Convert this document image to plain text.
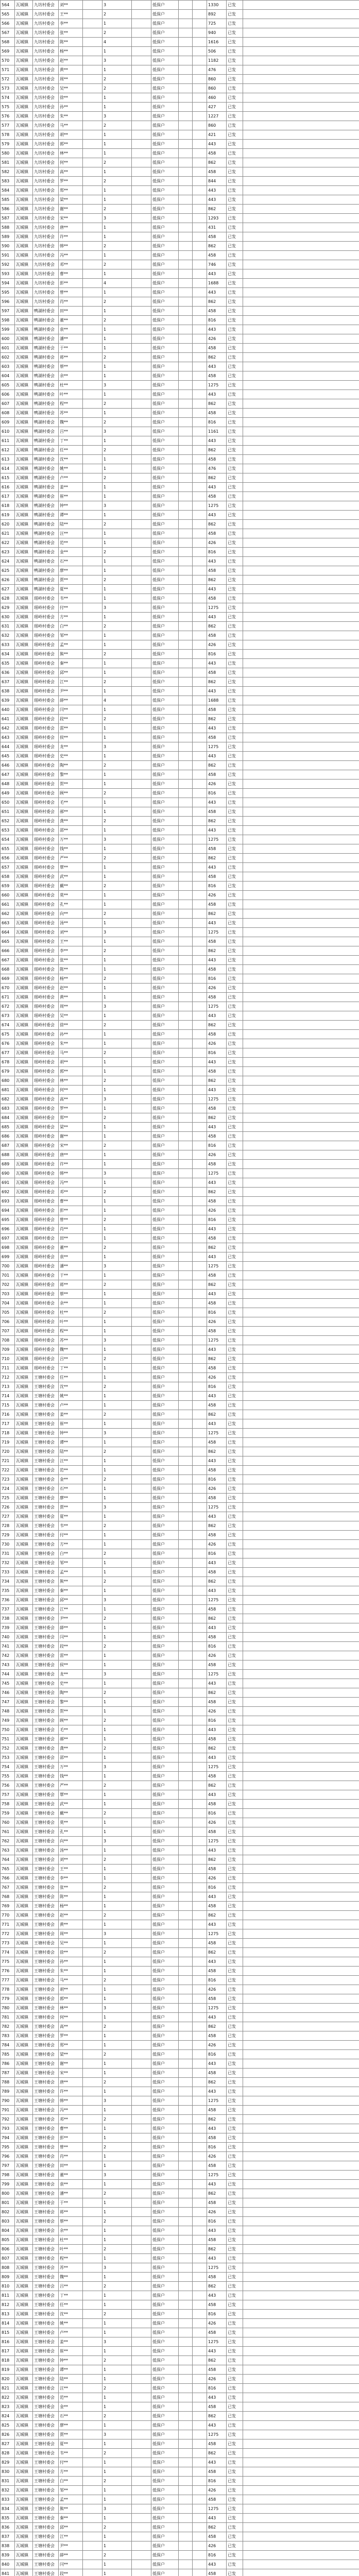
564	瓦城镇	九坊村委会	刘**		3		低保户			1330	已发	
565	瓦城镇	九坊村委会	王**		2		低保户			892	已发	
566	瓦城镇	九坊村委会	李**		1		低保户			725	已发	
567	瓦城镇	九坊村委会	张**		2		低保户			940	已发	
568	瓦城镇	九坊村委会	陈**		4		低保户			1616	已发	
569	瓦城镇	九坊村委会	杨**		1		低保户			506	已发	
570	瓦城镇	九坊村委会	赵**		3		低保户			1182	已发	
571	瓦城镇	九坊村委会	黄**		1		低保户			476	已发	
572	瓦城镇	九坊村委会	周**		2		低保户			860	已发	
573	瓦城镇	九坊村委会	吴**		2		低保户			860	已发	
574	瓦城镇	九坊村委会	徐**		1		低保户			460	已发	
575	瓦城镇	九坊村委会	孙**		1		低保户			427	已发	
576	瓦城镇	九坊村委会	朱**		3		低保户			1227	已发	
577	瓦城镇	九坊村委会	马**		2		低保户			860	已发	
578	瓦城镇	九坊村委会	胡**		1		低保户			421	已发	
579	瓦城镇	九坊村委会	郭**		1		低保户			443	已发	
580	瓦城镇	九坊村委会	林**		1		低保户			458	已发	
581	瓦城镇	九坊村委会	何**		2		低保户			862	已发	
582	瓦城镇	九坊村委会	高**		1		低保户			458	已发	
583	瓦城镇	九坊村委会	罗**		2		低保户			844	已发	
584	瓦城镇	九坊村委会	郑**		1		低保户			443	已发	
585	瓦城镇	九坊村委会	梁**		1		低保户			443	已发	
586	瓦城镇	九坊村委会	谢**		2		低保户			862	已发	
587	瓦城镇	九坊村委会	宋**		3		低保户			1293	已发	
588	瓦城镇	九坊村委会	唐**		1		低保户			431	已发	
589	瓦城镇	九坊村委会	许**		1		低保户			458	已发	
590	瓦城镇	九坊村委会	韩**		2		低保户			862	已发	
591	瓦城镇	九坊村委会	冯**		1		低保户			458	已发	
592	瓦城镇	九坊村委会	邓**		2		低保户			746	已发	
593	瓦城镇	九坊村委会	曹**		1		低保户			443	已发	
594	瓦城镇	九坊村委会	彭**		4		低保户			1688	已发	
595	瓦城镇	九坊村委会	曾**		1		低保户			443	已发	
596	瓦城镇	九坊村委会	肖**		2		低保户			862	已发	
597	瓦城镇	鸭湖村委会	田**		1		低保户			458	已发	
598	瓦城镇	鸭湖村委会	董**		2		低保户			816	已发	
599	瓦城镇	鸭湖村委会	袁**		1		低保户			443	已发	
600	瓦城镇	鸭湖村委会	潘**		1		低保户			426	已发	
601	瓦城镇	鸭湖村委会	于**		1		低保户			458	已发	
602	瓦城镇	鸭湖村委会	蒋**		2		低保户			862	已发	
603	瓦城镇	鸭湖村委会	蔡**		1		低保户			443	已发	
604	瓦城镇	鸭湖村委会	余**		1		低保户			458	已发	
605	瓦城镇	鸭湖村委会	杜**		3		低保户			1275	已发	
606	瓦城镇	鸭湖村委会	叶**		1		低保户			443	已发	
607	瓦城镇	鸭湖村委会	程**		2		低保户			862	已发	
608	瓦城镇	鸭湖村委会	苏**		1		低保户			458	已发	
609	瓦城镇	鸭湖村委会	魏**		2		低保户			816	已发	
610	瓦城镇	鸭湖村委会	吕**		3		低保户			1161	已发	
611	瓦城镇	鸭湖村委会	丁**		1		低保户			443	已发	
612	瓦城镇	鸭湖村委会	任**		2		低保户			862	已发	
613	瓦城镇	鸭湖村委会	沈**		1		低保户			458	已发	
614	瓦城镇	鸭湖村委会	姚**		1		低保户			476	已发	
615	瓦城镇	鸭湖村委会	卢**		2		低保户			862	已发	
616	瓦城镇	鸭湖村委会	姜**		1		低保户			443	已发	
617	瓦城镇	鸭湖村委会	崔**		1		低保户			458	已发	
618	瓦城镇	鸭湖村委会	钟**		3		低保户			1275	已发	
619	瓦城镇	鸭湖村委会	谭**		1		低保户			443	已发	
620	瓦城镇	鸭湖村委会	陆**		2		低保户			862	已发	
621	瓦城镇	鸭湖村委会	汪**		1		低保户			458	已发	
622	瓦城镇	鸭湖村委会	范**		1		低保户			426	已发	
623	瓦城镇	鸭湖村委会	金**		2		低保户			816	已发	
624	瓦城镇	鸭湖村委会	石**		1		低保户			443	已发	
625	瓦城镇	鸭湖村委会	廖**		1		低保户			458	已发	
626	瓦城镇	鸭湖村委会	贾**		2		低保户			862	已发	
627	瓦城镇	鸭湖村委会	夏**		1		低保户			443	已发	
628	瓦城镇	瑶岭村委会	韦**		1		低保户			458	已发	
629	瓦城镇	瑶岭村委会	付**		3		低保户			1275	已发	
630	瓦城镇	瑶岭村委会	方**		1		低保户			443	已发	
631	瓦城镇	瑶岭村委会	白**		2		低保户			862	已发	
632	瓦城镇	瑶岭村委会	邹**		1		低保户			458	已发	
633	瓦城镇	瑶岭村委会	孟**		1		低保户			426	已发	
634	瓦城镇	瑶岭村委会	熊**		2		低保户			816	已发	
635	瓦城镇	瑶岭村委会	秦**		1		低保户			443	已发	
636	瓦城镇	瑶岭村委会	邱**		1		低保户			458	已发	
637	瓦城镇	瑶岭村委会	江**		2		低保户			862	已发	
638	瓦城镇	瑶岭村委会	尹**		1		低保户			443	已发	
639	瓦城镇	瑶岭村委会	薛**		4		低保户			1688	已发	
640	瓦城镇	瑶岭村委会	闫**		1		低保户			458	已发	
641	瓦城镇	瑶岭村委会	段**		2		低保户			862	已发	
642	瓦城镇	瑶岭村委会	雷**		1		低保户			443	已发	
643	瓦城镇	瑶岭村委会	侯**		1		低保户			458	已发	
644	瓦城镇	瑶岭村委会	龙**		3		低保户			1275	已发	
645	瓦城镇	瑶岭村委会	史**		1		低保户			443	已发	
646	瓦城镇	瑶岭村委会	陶**		2		低保户			862	已发	
647	瓦城镇	瑶岭村委会	黎**		1		低保户			458	已发	
648	瓦城镇	瑶岭村委会	贺**		1		低保户			426	已发	
649	瓦城镇	瑶岭村委会	顾**		2		低保户			816	已发	
650	瓦城镇	瑶岭村委会	毛**		1		低保户			443	已发	
651	瓦城镇	瑶岭村委会	郝**		1		低保户			458	已发	
652	瓦城镇	瑶岭村委会	龚**		2		低保户			862	已发	
653	瓦城镇	瑶岭村委会	邵**		1		低保户			443	已发	
654	瓦城镇	瑶岭村委会	万**		3		低保户			1275	已发	
655	瓦城镇	瑶岭村委会	钱**		1		低保户			458	已发	
656	瓦城镇	瑶岭村委会	严**		2		低保户			862	已发	
657	瓦城镇	瑶岭村委会	覃**		1		低保户			443	已发	
658	瓦城镇	瑶岭村委会	武**		1		低保户			458	已发	
659	瓦城镇	瑶岭村委会	戴**		2		低保户			816	已发	
660	瓦城镇	瑶岭村委会	莫**		1		低保户			426	已发	
661	瓦城镇	瑶岭村委会	孔**		1		低保户			458	已发	
662	瓦城镇	瑶岭村委会	向**		2		低保户			862	已发	
663	瓦城镇	瑶岭村委会	汤**		1		低保户			443	已发	
664	瓦城镇	瑶岭村委会	刘**		3		低保户			1275	已发	
665	瓦城镇	瑶岭村委会	王**		1		低保户			458	已发	
666	瓦城镇	瑶岭村委会	李**		2		低保户			862	已发	
667	瓦城镇	瑶岭村委会	张**		1		低保户			443	已发	
668	瓦城镇	瑶岭村委会	陈**		1		低保户			458	已发	
669	瓦城镇	瑶岭村委会	杨**		2		低保户			816	已发	
670	瓦城镇	瑶岭村委会	赵**		1		低保户			426	已发	
671	瓦城镇	瑶岭村委会	黄**		1		低保户			458	已发	
672	瓦城镇	瑶岭村委会	周**		3		低保户			1275	已发	
673	瓦城镇	瑶岭村委会	吴**		1		低保户			443	已发	
674	瓦城镇	瑶岭村委会	徐**		2		低保户			862	已发	
675	瓦城镇	瑶岭村委会	孙**		1		低保户			458	已发	
676	瓦城镇	瑶岭村委会	朱**		1		低保户			426	已发	
677	瓦城镇	瑶岭村委会	马**		2		低保户			816	已发	
678	瓦城镇	瑶岭村委会	胡**		1		低保户			443	已发	
679	瓦城镇	瑶岭村委会	郭**		1		低保户			458	已发	
680	瓦城镇	瑶岭村委会	林**		2		低保户			862	已发	
681	瓦城镇	瑶岭村委会	何**		1		低保户			443	已发	
682	瓦城镇	瑶岭村委会	高**		3		低保户			1275	已发	
683	瓦城镇	瑶岭村委会	罗**		1		低保户			458	已发	
684	瓦城镇	瑶岭村委会	郑**		2		低保户			862	已发	
685	瓦城镇	瑶岭村委会	梁**		1		低保户			443	已发	
686	瓦城镇	瑶岭村委会	谢**		1		低保户			458	已发	
687	瓦城镇	瑶岭村委会	宋**		2		低保户			816	已发	
688	瓦城镇	瑶岭村委会	唐**		1		低保户			426	已发	
689	瓦城镇	瑶岭村委会	许**		1		低保户			458	已发	
690	瓦城镇	瑶岭村委会	韩**		3		低保户			1275	已发	
691	瓦城镇	瑶岭村委会	冯**		1		低保户			443	已发	
692	瓦城镇	瑶岭村委会	邓**		2		低保户			862	已发	
693	瓦城镇	瑶岭村委会	曹**		1		低保户			458	已发	
694	瓦城镇	瑶岭村委会	彭**		1		低保户			426	已发	
695	瓦城镇	瑶岭村委会	曾**		2		低保户			816	已发	
696	瓦城镇	瑶岭村委会	肖**		1		低保户			443	已发	
697	瓦城镇	瑶岭村委会	田**		1		低保户			458	已发	
698	瓦城镇	瑶岭村委会	董**		2		低保户			862	已发	
699	瓦城镇	瑶岭村委会	袁**		1		低保户			443	已发	
700	瓦城镇	瑶岭村委会	潘**		3		低保户			1275	已发	
701	瓦城镇	瑶岭村委会	于**		1		低保户			458	已发	
702	瓦城镇	瑶岭村委会	蒋**		2		低保户			862	已发	
703	瓦城镇	瑶岭村委会	蔡**		1		低保户			443	已发	
704	瓦城镇	瑶岭村委会	余**		1		低保户			458	已发	
705	瓦城镇	瑶岭村委会	杜**		2		低保户			816	已发	
706	瓦城镇	瑶岭村委会	叶**		1		低保户			426	已发	
707	瓦城镇	瑶岭村委会	程**		1		低保户			458	已发	
708	瓦城镇	瑶岭村委会	苏**		3		低保户			1275	已发	
709	瓦城镇	瑶岭村委会	魏**		1		低保户			443	已发	
710	瓦城镇	瑶岭村委会	吕**		2		低保户			862	已发	
711	瓦城镇	瑶岭村委会	丁**		1		低保户			458	已发	
712	瓦城镇	王塘村委会	任**		1		低保户			426	已发	
713	瓦城镇	王塘村委会	沈**		2		低保户			816	已发	
714	瓦城镇	王塘村委会	姚**		1		低保户			443	已发	
715	瓦城镇	王塘村委会	卢**		1		低保户			458	已发	
716	瓦城镇	王塘村委会	姜**		2		低保户			862	已发	
717	瓦城镇	王塘村委会	崔**		1		低保户			443	已发	
718	瓦城镇	王塘村委会	钟**		3		低保户			1275	已发	
719	瓦城镇	王塘村委会	谭**		1		低保户			458	已发	
720	瓦城镇	王塘村委会	陆**		2		低保户			862	已发	
721	瓦城镇	王塘村委会	汪**		1		低保户			443	已发	
722	瓦城镇	王塘村委会	范**		1		低保户			458	已发	
723	瓦城镇	王塘村委会	金**		2		低保户			816	已发	
724	瓦城镇	王塘村委会	石**		1		低保户			426	已发	
725	瓦城镇	王塘村委会	廖**		1		低保户			458	已发	
726	瓦城镇	王塘村委会	贾**		3		低保户			1275	已发	
727	瓦城镇	王塘村委会	夏**		1		低保户			443	已发	
728	瓦城镇	王塘村委会	韦**		2		低保户			862	已发	
729	瓦城镇	王塘村委会	付**		1		低保户			458	已发	
730	瓦城镇	王塘村委会	方**		1		低保户			426	已发	
731	瓦城镇	王塘村委会	白**		2		低保户			816	已发	
732	瓦城镇	王塘村委会	邹**		1		低保户			443	已发	
733	瓦城镇	王塘村委会	孟**		1		低保户			458	已发	
734	瓦城镇	王塘村委会	熊**		2		低保户			862	已发	
735	瓦城镇	王塘村委会	秦**		1		低保户			443	已发	
736	瓦城镇	王塘村委会	邱**		3		低保户			1275	已发	
737	瓦城镇	王塘村委会	江**		1		低保户			458	已发	
738	瓦城镇	王塘村委会	尹**		2		低保户			862	已发	
739	瓦城镇	王塘村委会	薛**		1		低保户			443	已发	
740	瓦城镇	王塘村委会	闫**		1		低保户			458	已发	
741	瓦城镇	王塘村委会	段**		2		低保户			816	已发	
742	瓦城镇	王塘村委会	雷**		1		低保户			426	已发	
743	瓦城镇	王塘村委会	侯**		1		低保户			458	已发	
744	瓦城镇	王塘村委会	龙**		3		低保户			1275	已发	
745	瓦城镇	王塘村委会	史**		1		低保户			443	已发	
746	瓦城镇	王塘村委会	陶**		2		低保户			862	已发	
747	瓦城镇	王塘村委会	黎**		1		低保户			458	已发	
748	瓦城镇	王塘村委会	贺**		1		低保户			426	已发	
749	瓦城镇	王塘村委会	顾**		2		低保户			816	已发	
750	瓦城镇	王塘村委会	毛**		1		低保户			443	已发	
751	瓦城镇	王塘村委会	郝**		1		低保户			458	已发	
752	瓦城镇	王塘村委会	龚**		2		低保户			862	已发	
753	瓦城镇	王塘村委会	邵**		1		低保户			443	已发	
754	瓦城镇	王塘村委会	万**		3		低保户			1275	已发	
755	瓦城镇	王塘村委会	钱**		1		低保户			458	已发	
756	瓦城镇	王塘村委会	严**		2		低保户			862	已发	
757	瓦城镇	王塘村委会	覃**		1		低保户			443	已发	
758	瓦城镇	王塘村委会	武**		1		低保户			458	已发	
759	瓦城镇	王塘村委会	戴**		2		低保户			816	已发	
760	瓦城镇	王塘村委会	莫**		1		低保户			426	已发	
761	瓦城镇	王塘村委会	孔**		1		低保户			458	已发	
762	瓦城镇	王塘村委会	向**		3		低保户			1275	已发	
763	瓦城镇	王塘村委会	汤**		1		低保户			443	已发	
764	瓦城镇	王塘村委会	刘**		2		低保户			862	已发	
765	瓦城镇	王塘村委会	王**		1		低保户			458	已发	
766	瓦城镇	王塘村委会	李**		1		低保户			426	已发	
767	瓦城镇	王塘村委会	张**		2		低保户			816	已发	
768	瓦城镇	王塘村委会	陈**		1		低保户			443	已发	
769	瓦城镇	王塘村委会	杨**		1		低保户			458	已发	
770	瓦城镇	王塘村委会	赵**		2		低保户			862	已发	
771	瓦城镇	王塘村委会	黄**		1		低保户			443	已发	
772	瓦城镇	王塘村委会	周**		3		低保户			1275	已发	
773	瓦城镇	王塘村委会	吴**		1		低保户			458	已发	
774	瓦城镇	王塘村委会	徐**		2		低保户			862	已发	
775	瓦城镇	王塘村委会	孙**		1		低保户			443	已发	
776	瓦城镇	王塘村委会	朱**		1		低保户			458	已发	
777	瓦城镇	王塘村委会	马**		2		低保户			816	已发	
778	瓦城镇	王塘村委会	胡**		1		低保户			426	已发	
779	瓦城镇	王塘村委会	郭**		1		低保户			458	已发	
780	瓦城镇	王塘村委会	林**		3		低保户			1275	已发	
781	瓦城镇	王塘村委会	何**		1		低保户			443	已发	
782	瓦城镇	王塘村委会	高**		2		低保户			862	已发	
783	瓦城镇	王塘村委会	罗**		1		低保户			458	已发	
784	瓦城镇	王塘村委会	郑**		1		低保户			426	已发	
785	瓦城镇	王塘村委会	梁**		2		低保户			816	已发	
786	瓦城镇	王塘村委会	谢**		1		低保户			443	已发	
787	瓦城镇	王塘村委会	宋**		1		低保户			458	已发	
788	瓦城镇	王塘村委会	唐**		2		低保户			862	已发	
789	瓦城镇	王塘村委会	许**		1		低保户			443	已发	
790	瓦城镇	王塘村委会	韩**		3		低保户			1275	已发	
791	瓦城镇	王塘村委会	冯**		1		低保户			458	已发	
792	瓦城镇	王塘村委会	邓**		2		低保户			862	已发	
793	瓦城镇	王塘村委会	曹**		1		低保户			443	已发	
794	瓦城镇	王塘村委会	彭**		1		低保户			458	已发	
795	瓦城镇	王塘村委会	曾**		2		低保户			816	已发	
796	瓦城镇	王塘村委会	肖**		1		低保户			426	已发	
797	瓦城镇	王塘村委会	田**		1		低保户			458	已发	
798	瓦城镇	王塘村委会	董**		3		低保户			1275	已发	
799	瓦城镇	王塘村委会	袁**		1		低保户			443	已发	
800	瓦城镇	王塘村委会	潘**		2		低保户			862	已发	
801	瓦城镇	王塘村委会	于**		1		低保户			458	已发	
802	瓦城镇	王塘村委会	蒋**		1		低保户			426	已发	
803	瓦城镇	王塘村委会	蔡**		2		低保户			816	已发	
804	瓦城镇	王塘村委会	余**		1		低保户			443	已发	
805	瓦城镇	王塘村委会	杜**		1		低保户			458	已发	
806	瓦城镇	王塘村委会	叶**		2		低保户			862	已发	
807	瓦城镇	王塘村委会	程**		1		低保户			443	已发	
808	瓦城镇	王塘村委会	苏**		3		低保户			1275	已发	
809	瓦城镇	王塘村委会	魏**		1		低保户			458	已发	
810	瓦城镇	王塘村委会	吕**		2		低保户			862	已发	
811	瓦城镇	王塘村委会	丁**		1		低保户			443	已发	
812	瓦城镇	王塘村委会	任**		1		低保户			458	已发	
813	瓦城镇	王塘村委会	沈**		2		低保户			816	已发	
814	瓦城镇	王塘村委会	姚**		1		低保户			426	已发	
815	瓦城镇	王塘村委会	卢**		1		低保户			458	已发	
816	瓦城镇	王塘村委会	姜**		3		低保户			1275	已发	
817	瓦城镇	王塘村委会	崔**		1		低保户			443	已发	
818	瓦城镇	王塘村委会	钟**		2		低保户			862	已发	
819	瓦城镇	王塘村委会	谭**		1		低保户			458	已发	
820	瓦城镇	王塘村委会	陆**		1		低保户			426	已发	
821	瓦城镇	王塘村委会	汪**		2		低保户			816	已发	
822	瓦城镇	王塘村委会	范**		1		低保户			443	已发	
823	瓦城镇	王塘村委会	金**		1		低保户			458	已发	
824	瓦城镇	王塘村委会	石**		2		低保户			862	已发	
825	瓦城镇	王塘村委会	廖**		1		低保户			443	已发	
826	瓦城镇	王塘村委会	贾**		3		低保户			1275	已发	
827	瓦城镇	王塘村委会	夏**		1		低保户			458	已发	
828	瓦城镇	王塘村委会	韦**		2		低保户			862	已发	
829	瓦城镇	王塘村委会	付**		1		低保户			443	已发	
830	瓦城镇	王塘村委会	方**		1		低保户			458	已发	
831	瓦城镇	王塘村委会	白**		2		低保户			816	已发	
832	瓦城镇	王塘村委会	邹**		1		低保户			426	已发	
833	瓦城镇	王塘村委会	孟**		1		低保户			458	已发	
834	瓦城镇	王塘村委会	熊**		3		低保户			1275	已发	
835	瓦城镇	王塘村委会	秦**		1		低保户			443	已发	
836	瓦城镇	王塘村委会	邱**		2		低保户			862	已发	
837	瓦城镇	王塘村委会	江**		1		低保户			458	已发	
838	瓦城镇	王塘村委会	尹**		1		低保户			426	已发	
839	瓦城镇	王塘村委会	薛**		2		低保户			816	已发	
840	瓦城镇	王塘村委会	闫**		1		低保户			443	已发	
841	瓦城镇	王塘村委会	段**		1		低保户			458	已发	
